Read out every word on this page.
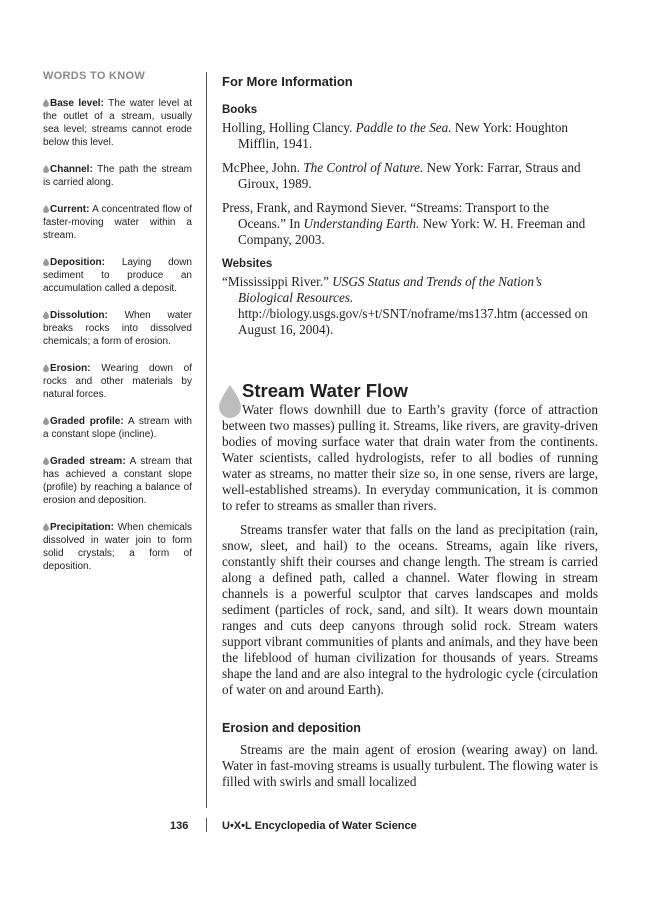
WORDS TO KNOW
Base level: The water level at the outlet of a stream, usually sea level; streams cannot erode below this level.
Channel: The path the stream is carried along.
Current: A concentrated flow of faster-moving water within a stream.
Deposition: Laying down sediment to produce an accumulation called a deposit.
Dissolution: When water breaks rocks into dissolved chemicals; a form of erosion.
Erosion: Wearing down of rocks and other materials by natural forces.
Graded profile: A stream with a constant slope (incline).
Graded stream: A stream that has achieved a constant slope (profile) by reaching a balance of erosion and deposition.
Precipitation: When chemicals dissolved in water join to form solid crystals; a form of deposition.
For More Information
Books
Holling, Holling Clancy. Paddle to the Sea. New York: Houghton Mifflin, 1941.
McPhee, John. The Control of Nature. New York: Farrar, Straus and Giroux, 1989.
Press, Frank, and Raymond Siever. “Streams: Transport to the Oceans.” In Understanding Earth. New York: W. H. Freeman and Company, 2003.
Websites
“Mississippi River.” USGS Status and Trends of the Nation’s Biological Resources. http://biology.usgs.gov/s+t/SNT/noframe/ms137.htm (accessed on August 16, 2004).
Stream Water Flow

Water flows downhill due to Earth’s gravity (force of attraction between two masses) pulling it. Streams, like rivers, are gravity-driven bodies of moving surface water that drain water from the continents. Water scientists, called hydrologists, refer to all bodies of running water as streams, no matter their size so, in one sense, rivers are large, well-established streams). In everyday communication, it is common to refer to streams as smaller than rivers.

Streams transfer water that falls on the land as precipitation (rain, snow, sleet, and hail) to the oceans. Streams, again like rivers, constantly shift their courses and change length. The stream is carried along a defined path, called a channel. Water flowing in stream channels is a powerful sculptor that carves landscapes and molds sediment (particles of rock, sand, and silt). It wears down mountain ranges and cuts deep canyons through solid rock. Stream waters support vibrant communities of plants and animals, and they have been the lifeblood of human civilization for thousands of years. Streams shape the land and are also integral to the hydrologic cycle (circulation of water on and around Earth).

Erosion and deposition

Streams are the main agent of erosion (wearing away) on land. Water in fast-moving streams is usually turbulent. The flowing water is filled with swirls and small localized

136	U•X•L Encyclopedia of Water Science
